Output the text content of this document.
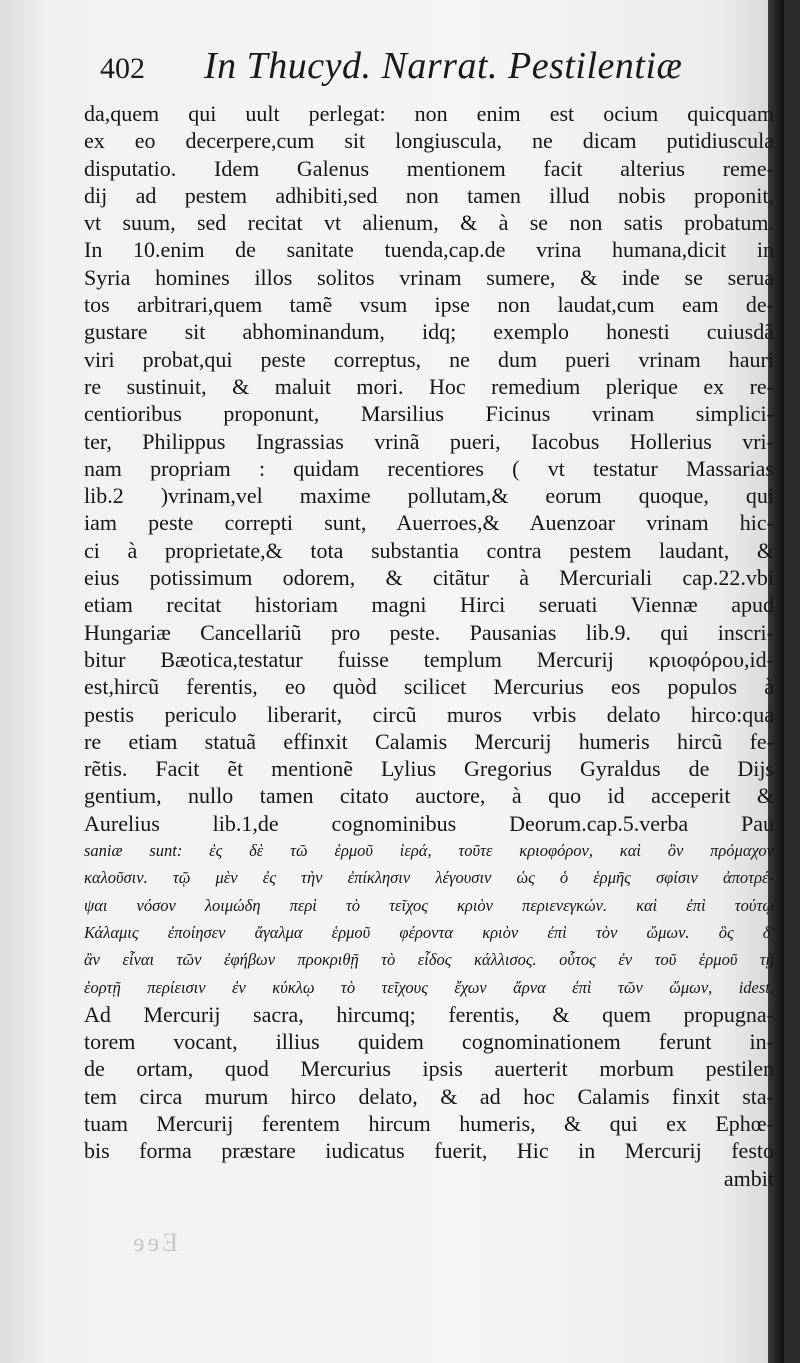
402 In Thucyd. Narrat. Pestilentiæ
da,quem qui uult perlegat: non enim est ocium quicquam
ex eo decerpere,cum sit longiuscula, ne dicam putidiuscula
disputatio. Idem Galenus mentionem facit alterius reme-
dij ad pestem adhibiti,sed non tamen illud nobis proponit,
vt suum, sed recitat vt alienum, & à se non satis probatum.
In 10.enim de sanitate tuenda,cap.de vrina humana,dicit in
Syria homines illos solitos vrinam sumere, & inde se serua
tos arbitrari,quem tamẽ vsum ipse non laudat,cum eam de-
gustare sit abhominandum, idq; exemplo honesti cuiusdã
viri probat,qui peste correptus, ne dum pueri vrinam hauri
re sustinuit, & maluit mori. Hoc remedium plerique ex re-
centioribus proponunt, Marsilius Ficinus vrinam simplici-
ter, Philippus Ingrassias vrinã pueri, Iacobus Hollerius vri-
nam propriam : quidam recentiores ( vt testatur Massarias
lib.2 )vrinam,vel maxime pollutam,& eorum quoque, qui
iam peste correpti sunt, Auerroes,& Auenzoar vrinam hic-
ci à proprietate,& tota substantia contra pestem laudant, &
eius potissimum odorem, & citãtur à Mercuriali cap.22.vbi
etiam recitat historiam magni Hirci seruati Viennæ apud
Hungariæ Cancellariũ pro peste. Pausanias lib.9. qui inscri-
bitur Bæotica,testatur fuisse templum Mercurij κριοφόρου,id-
est,hircũ ferentis, eo quòd scilicet Mercurius eos populos à
pestis periculo liberarit, circũ muros vrbis delato hirco:qua
re etiam statuã effinxit Calamis Mercurij humeris hircũ fe-
rẽtis. Facit ẽt mentionẽ Lylius Gregorius Gyraldus de Dijs
gentium, nullo tamen citato auctore, à quo id acceperit &
Aurelius lib.1,de cognominibus Deorum.cap.5.verba Pau
saniæ sunt: ἐς δὲ τῶ ἑρμοῦ ἱερά, τοῦτε κριοφόρον, καὶ ὃν πρόμαχον
καλοῦσιν. τῷ μὲν ἐς τὴν ἐπίκλησιν λέγουσιν ὡς ὁ ἑρμῆς σφίσιν ἀποτρέ-
ψαι νόσον λοιμώδη περὶ τὸ τεῖχος κριὸν περιενεγκών. καὶ ἐπὶ τούτῳ
Κάλαμις ἐποίησεν ἄγαλμα ἑρμοῦ φέροντα κριὸν ἐπὶ τὸν ὤμων. ὃς δ'
ἂν εἶναι τῶν ἐφήβων προκριθῇ τὸ εἶδος κάλλισος. οὗτος ἐν τοῦ ἑρμοῦ τῇ
ἑορτῇ περίεισιν ἐν κύκλῳ τὸ τεῖχους ἔχων ἄρνα ἐπὶ τῶν ὤμων, idest,
Ad Mercurij sacra, hircumq; ferentis, & quem propugna-
torem vocant, illius quidem cognominationem ferunt in-
de ortam, quod Mercurius ipsis auerterit morbum pestilen
tem circa murum hirco delato, & ad hoc Calamis finxit sta-
tuam Mercurij ferentem hircum humeris, & qui ex Ephœ-
bis forma præstare iudicatus fuerit, Hic in Mercurij festo
ambit
Eee
